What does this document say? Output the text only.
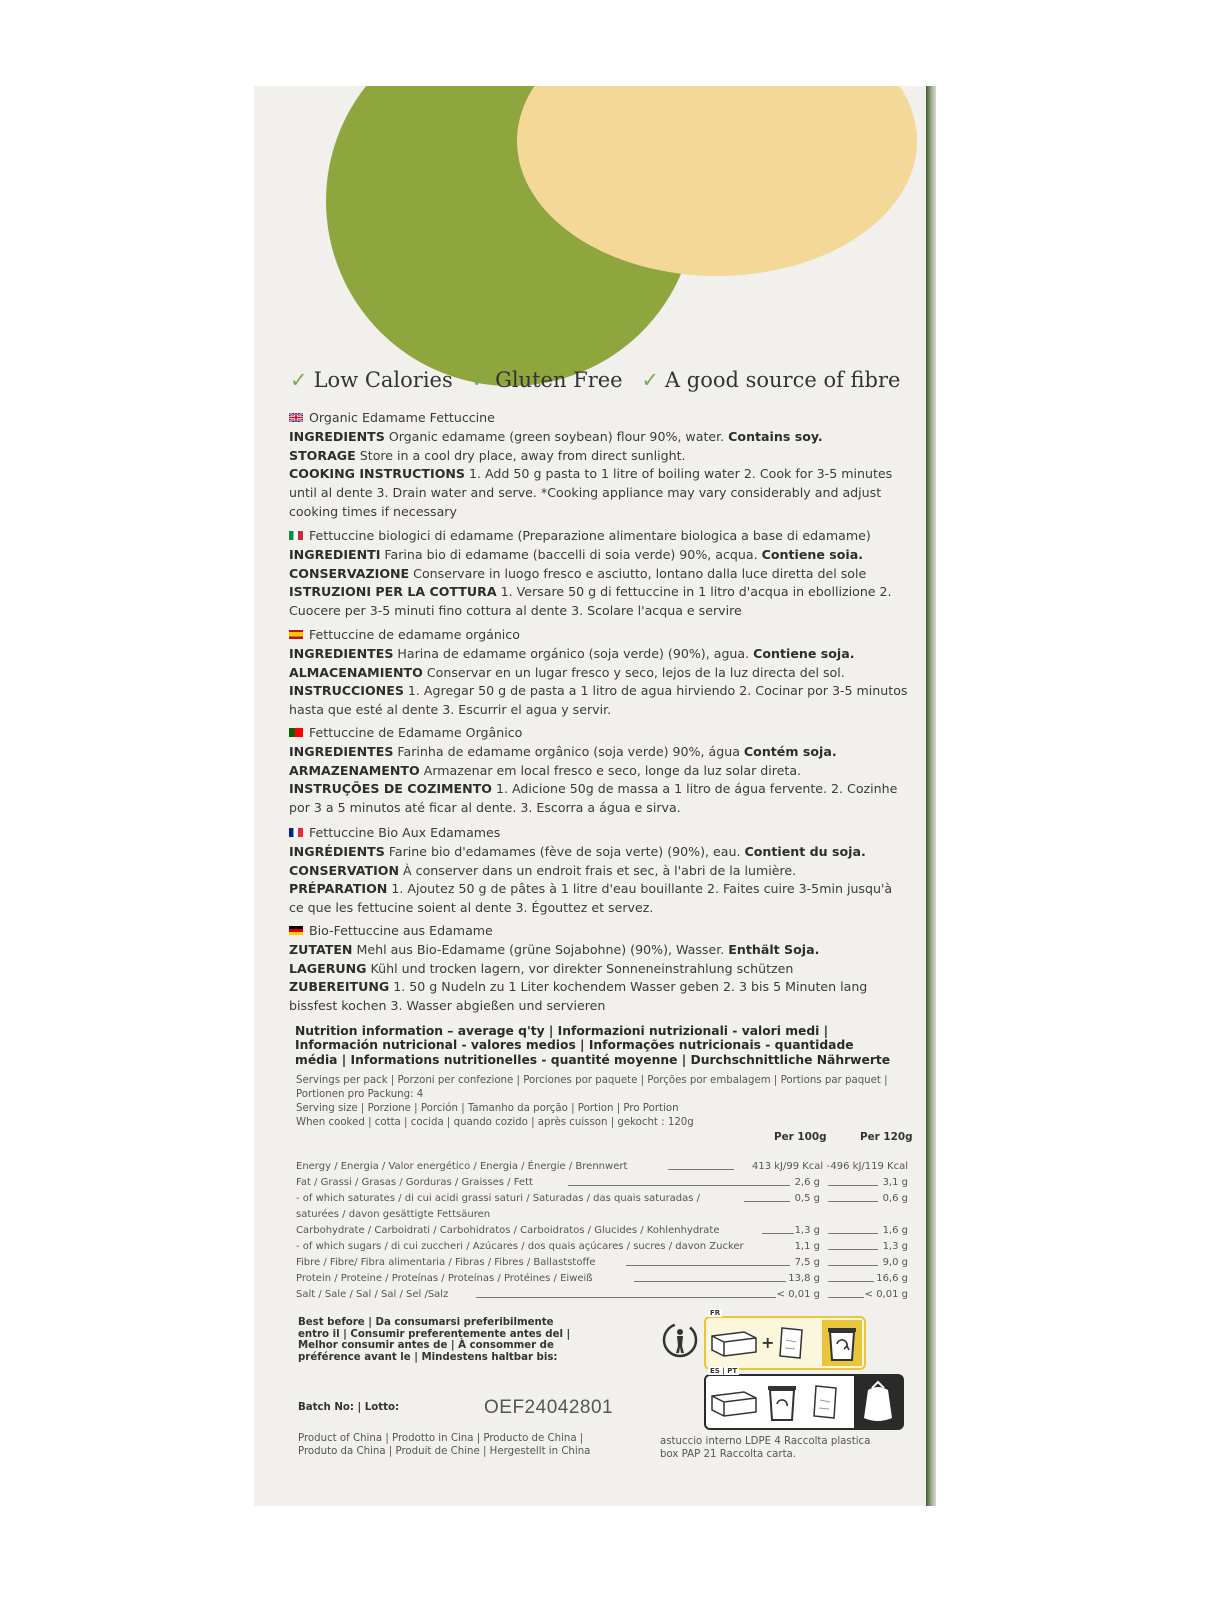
✓ Low Calories ✓ Gluten Free ✓ A good source of fibre
Organic Edamame Fettuccine
INGREDIENTS Organic edamame (green soybean) flour 90%, water. Contains soy.
STORAGE Store in a cool dry place, away from direct sunlight.
COOKING INSTRUCTIONS 1. Add 50 g pasta to 1 litre of boiling water 2. Cook for 3-5 minutes until al dente 3. Drain water and serve. *Cooking appliance may vary considerably and adjust cooking times if necessary
Fettuccine biologici di edamame (Preparazione alimentare biologica a base di edamame)
INGREDIENTI Farina bio di edamame (baccelli di soia verde) 90%, acqua. Contiene soia.
CONSERVAZIONE Conservare in luogo fresco e asciutto, lontano dalla luce diretta del sole
ISTRUZIONI PER LA COTTURA 1. Versare 50 g di fettuccine in 1 litro d'acqua in ebollizione 2. Cuocere per 3-5 minuti fino cottura al dente 3. Scolare l'acqua e servire
Fettuccine de edamame orgánico
INGREDIENTES Harina de edamame orgánico (soja verde) (90%), agua. Contiene soja.
ALMACENAMIENTO Conservar en un lugar fresco y seco, lejos de la luz directa del sol.
INSTRUCCIONES 1. Agregar 50 g de pasta a 1 litro de agua hirviendo 2. Cocinar por 3-5 minutos hasta que esté al dente 3. Escurrir el agua y servir.
Fettuccine de Edamame Orgânico
INGREDIENTES Farinha de edamame orgânico (soja verde) 90%, água Contém soja.
ARMAZENAMENTO Armazenar em local fresco e seco, longe da luz solar direta.
INSTRUÇÕES DE COZIMENTO 1. Adicione 50g de massa a 1 litro de água fervente. 2. Cozinhe por 3 a 5 minutos até ficar al dente. 3. Escorra a água e sirva.
Fettuccine Bio Aux Edamames
INGRÉDIENTS Farine bio d'edamames (fève de soja verte) (90%), eau. Contient du soja.
CONSERVATION À conserver dans un endroit frais et sec, à l'abri de la lumière.
PRÉPARATION 1. Ajoutez 50 g de pâtes à 1 litre d'eau bouillante 2. Faites cuire 3-5min jusqu'à ce que les fettucine soient al dente 3. Égouttez et servez.
Bio-Fettuccine aus Edamame
ZUTATEN Mehl aus Bio-Edamame (grüne Sojabohne) (90%), Wasser. Enthält Soja.
LAGERUNG Kühl und trocken lagern, vor direkter Sonneneinstrahlung schützen
ZUBEREITUNG 1. 50 g Nudeln zu 1 Liter kochendem Wasser geben 2. 3 bis 5 Minuten lang bissfest kochen 3. Wasser abgießen und servieren
Nutrition information – average q'ty | Informazioni nutrizionali - valori medi | Información nutricional - valores medios | Informações nutricionais - quantidade média | Informations nutritionelles - quantité moyenne | Durchschnittliche Nährwerte
Servings per pack | Porzoni per confezione | Porciones por paquete | Porções por embalagem | Portions par paquet | Portionen pro Packung: 4
Serving size | Porzione | Porción | Tamanho da porção | Portion | Pro Portion
When cooked | cotta | cocida | quando cozido | après cuisson | gekocht : 120g
Per 100g	Per 120g
Energy / Energia / Valor energético / Energia / Énergie / Brennwert	413 kJ/99 Kcal - 496 kJ/119 Kcal
Fat / Grassi / Grasas / Gorduras / Graisses / Fett	2,6 g	3,1 g
- of which saturates / di cui acidi grassi saturi / Saturadas / das quais saturadas /	0,5 g	0,6 g
saturées / davon gesättigte Fettsäuren
Carbohydrate / Carboidrati / Carbohidratos / Carboidratos / Glucides / Kohlenhydrate	1,3 g	1,6 g
- of which sugars / di cui zuccheri / Azúcares / dos quais açúcares / sucres / davon Zucker	1,1 g	1,3 g
Fibre / Fibre/ Fibra alimentaria / Fibras / Fibres / Ballaststoffe	7,5 g	9,0 g
Protein / Proteine / Proteínas / Proteínas / Protéines / Eiweiß	13,8 g	16,6 g
Salt / Sale / Sal / Sal / Sel /Salz	< 0,01 g	< 0,01 g
Best before | Da consumarsi preferibilmente entro il | Consumir preferentemente antes del | Melhor consumir antes de | À consommer de préférence avant le | Mindestens haltbar bis:
Batch No: | Lotto:	OEF24042801
Product of China | Prodotto in Cina | Producto de China | Produto da China | Produit de Chine | Hergestellt in China
FR
+
ES | PT
astuccio interno LDPE 4 Raccolta plastica box PAP 21 Raccolta carta.
